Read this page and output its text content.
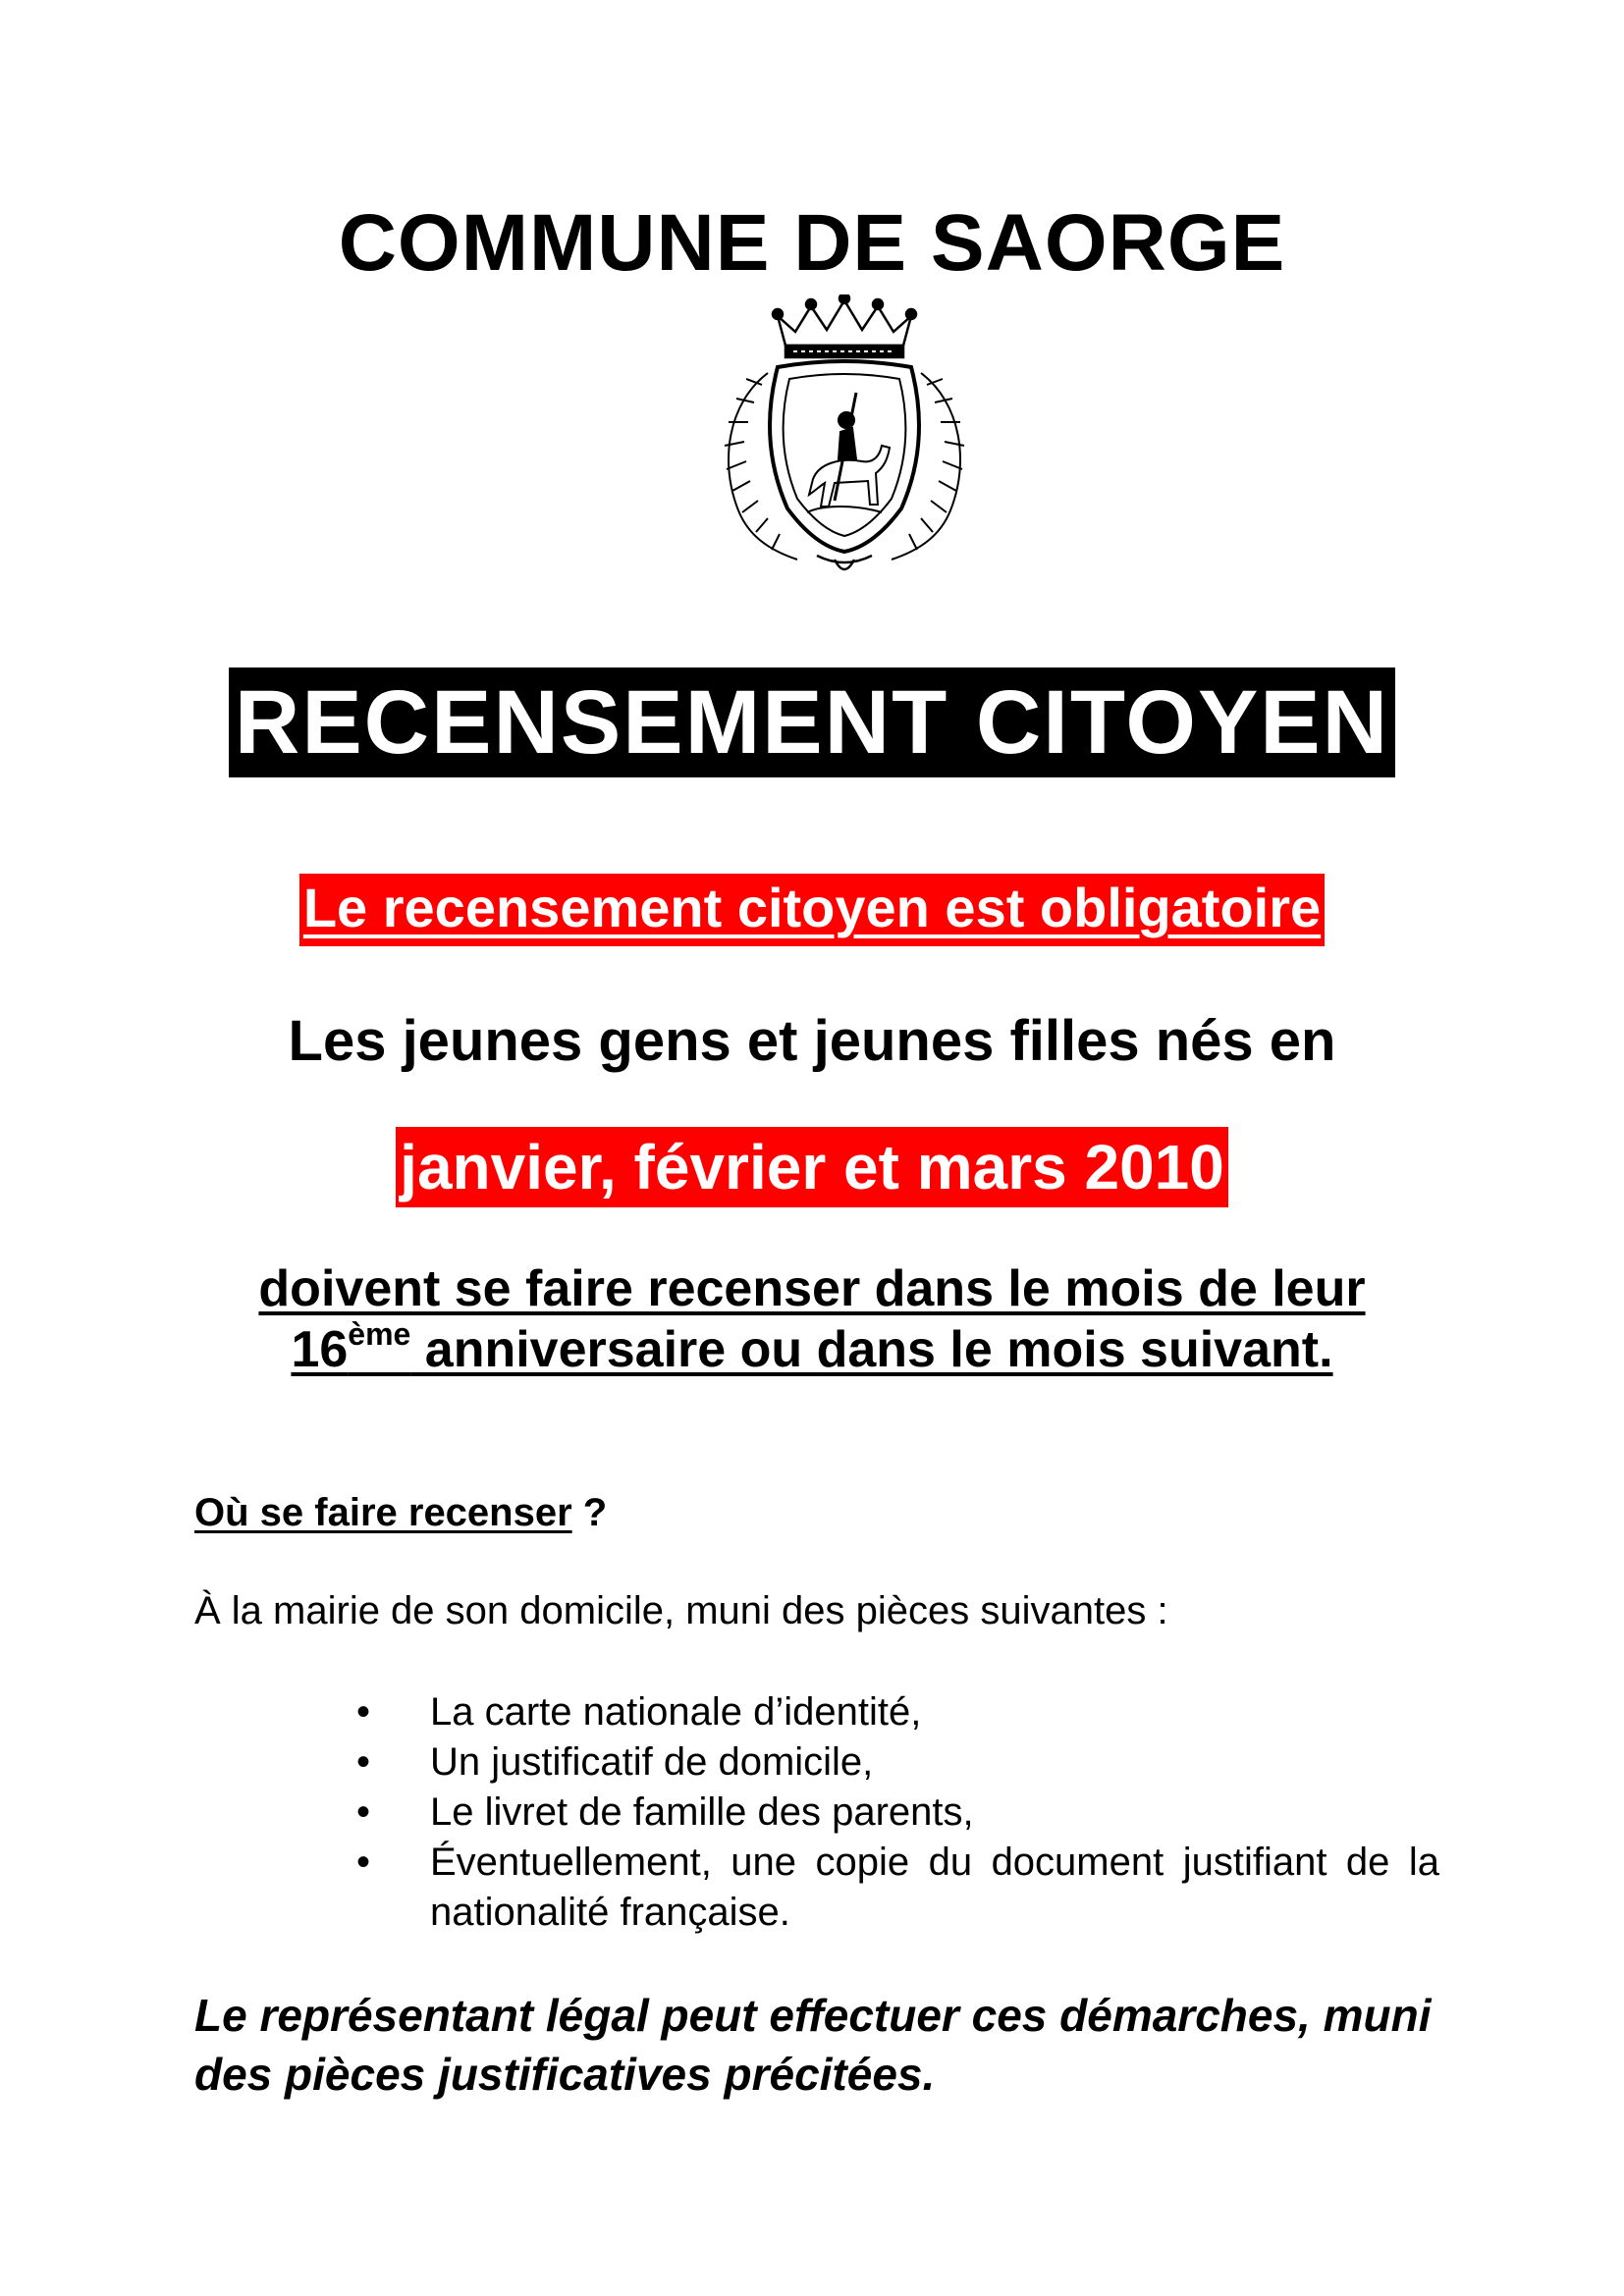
COMMUNE DE SAORGE
RECENSEMENT CITOYEN
Le recensement citoyen est obligatoire
Les jeunes gens et jeunes filles nés en
janvier, février et mars 2010
doivent se faire recenser dans le mois de leur
16ème anniversaire ou dans le mois suivant.
Où se faire recenser ?
À la mairie de son domicile, muni des pièces suivantes :
• La carte nationale d’identité,
• Un justificatif de domicile,
• Le livret de famille des parents,
• Éventuellement, une copie du document justifiant de la nationalité française.
Le représentant légal peut effectuer ces démarches, muni des pièces justificatives précitées.
